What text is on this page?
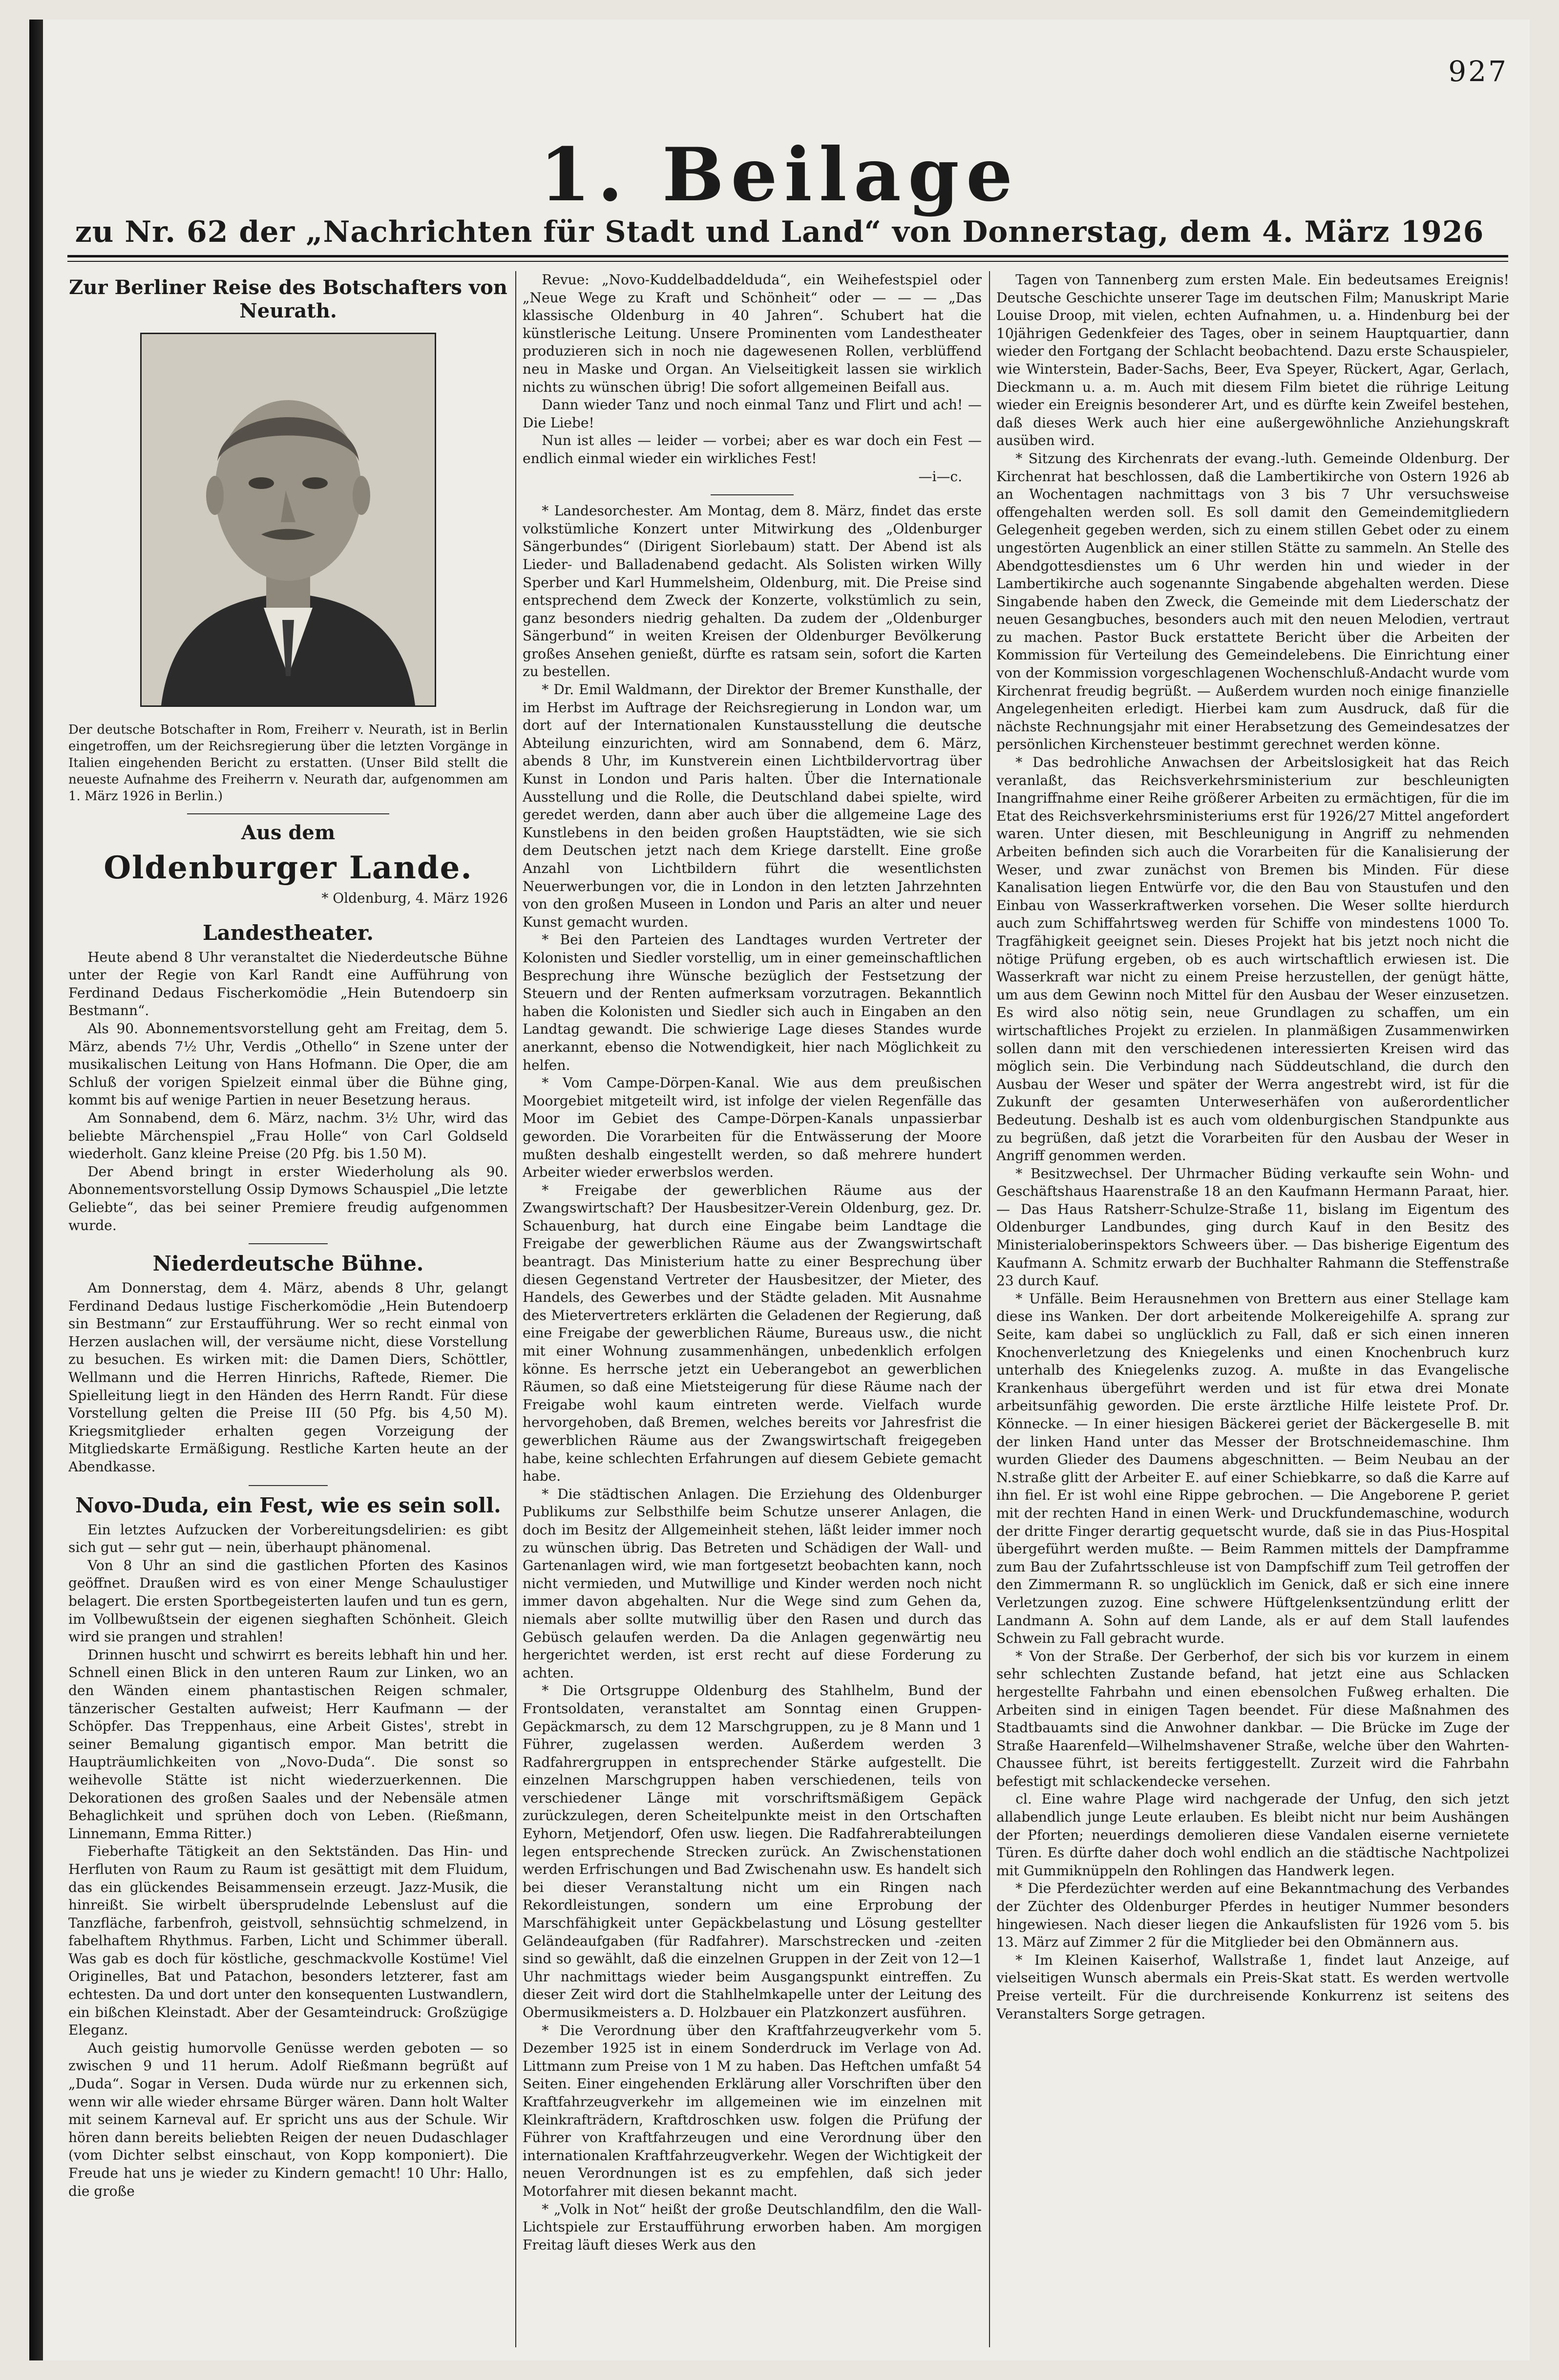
927
1. Beilage
zu Nr. 62 der „Nachrichten für Stadt und Land“ von Donnerstag, dem 4. März 1926
Zur Berliner Reise des Botschafters von Neurath.
Der deutsche Botschafter in Rom, Freiherr v. Neurath, ist in Berlin eingetroffen, um der Reichsregierung über die letzten Vorgänge in Italien eingehenden Bericht zu erstatten. (Unser Bild stellt die neueste Aufnahme des Freiherrn v. Neurath dar, aufgenommen am 1. März 1926 in Berlin.)
Aus dem
Oldenburger Lande.
* Oldenburg, 4. März 1926
Landestheater.

Heute abend 8 Uhr veranstaltet die Niederdeutsche Bühne unter der Regie von Karl Randt eine Aufführung von Ferdinand Dedaus Fischerkomödie „Hein Butendoerp sin Bestmann“.

Als 90. Abonnementsvorstellung geht am Freitag, dem 5. März, abends 7½ Uhr, Verdis „Othello“ in Szene unter der musikalischen Leitung von Hans Hofmann. Die Oper, die am Schluß der vorigen Spielzeit einmal über die Bühne ging, kommt bis auf wenige Partien in neuer Besetzung heraus.

Am Sonnabend, dem 6. März, nachm. 3½ Uhr, wird das beliebte Märchenspiel „Frau Holle“ von Carl Goldseld wiederholt. Ganz kleine Preise (20 Pfg. bis 1.50 M).

Der Abend bringt in erster Wiederholung als 90. Abonnementsvorstellung Ossip Dymows Schauspiel „Die letzte Geliebte“, das bei seiner Premiere freudig aufgenommen wurde.

Niederdeutsche Bühne.

Am Donnerstag, dem 4. März, abends 8 Uhr, gelangt Ferdinand Dedaus lustige Fischerkomödie „Hein Butendoerp sin Bestmann“ zur Erstaufführung. Wer so recht einmal von Herzen auslachen will, der versäume nicht, diese Vorstellung zu besuchen. Es wirken mit: die Damen Diers, Schöttler, Wellmann und die Herren Hinrichs, Raftede, Riemer. Die Spielleitung liegt in den Händen des Herrn Randt. Für diese Vorstellung gelten die Preise III (50 Pfg. bis 4,50 M). Kriegsmitglieder erhalten gegen Vorzeigung der Mitgliedskarte Ermäßigung. Restliche Karten heute an der Abendkasse.

Novo-Duda, ein Fest, wie es sein soll.

Ein letztes Aufzucken der Vorbereitungsdelirien: es gibt sich gut — sehr gut — nein, überhaupt phänomenal.

Von 8 Uhr an sind die gastlichen Pforten des Kasinos geöffnet. Draußen wird es von einer Menge Schaulustiger belagert. Die ersten Sportbegeisterten laufen und tun es gern, im Vollbewußtsein der eigenen sieghaften Schönheit. Gleich wird sie prangen und strahlen!

Drinnen huscht und schwirrt es bereits lebhaft hin und her. Schnell einen Blick in den unteren Raum zur Linken, wo an den Wänden einem phantastischen Reigen schmaler, tänzerischer Gestalten aufweist; Herr Kaufmann — der Schöpfer. Das Treppenhaus, eine Arbeit Gistes', strebt in seiner Bemalung gigantisch empor. Man betritt die Haupträumlichkeiten von „Novo-Duda“. Die sonst so weihevolle Stätte ist nicht wiederzuerkennen. Die Dekorationen des großen Saales und der Nebensäle atmen Behaglichkeit und sprühen doch von Leben. (Rießmann, Linnemann, Emma Ritter.)

Fieberhafte Tätigkeit an den Sektständen. Das Hin- und Herfluten von Raum zu Raum ist gesättigt mit dem Fluidum, das ein glückendes Beisammensein erzeugt. Jazz-Musik, die hinreißt. Sie wirbelt übersprudelnde Lebenslust auf die Tanzfläche, farbenfroh, geistvoll, sehnsüchtig schmelzend, in fabelhaftem Rhythmus. Farben, Licht und Schimmer überall. Was gab es doch für köstliche, geschmackvolle Kostüme! Viel Originelles, Bat und Patachon, besonders letzterer, fast am echtesten. Da und dort unter den konsequenten Lustwandlern, ein bißchen Kleinstadt. Aber der Gesamteindruck: Großzügige Eleganz.

Auch geistig humorvolle Genüsse werden geboten — so zwischen 9 und 11 herum. Adolf Rießmann begrüßt auf „Duda“. Sogar in Versen. Duda würde nur zu erkennen sich, wenn wir alle wieder ehrsame Bürger wären. Dann holt Walter mit seinem Karneval auf. Er spricht uns aus der Schule. Wir hören dann bereits beliebten Reigen der neuen Dudaschlager (vom Dichter selbst einschaut, von Kopp komponiert). Die Freude hat uns je wieder zu Kindern gemacht! 10 Uhr: Hallo, die große

Revue: „Novo-Kuddelbaddelduda“, ein Weihefestspiel oder „Neue Wege zu Kraft und Schönheit“ oder — — — „Das klassische Oldenburg in 40 Jahren“. Schubert hat die künstlerische Leitung. Unsere Prominenten vom Landestheater produzieren sich in noch nie dagewesenen Rollen, verblüffend neu in Maske und Organ. An Vielseitigkeit lassen sie wirklich nichts zu wünschen übrig! Die sofort allgemeinen Beifall aus.

Dann wieder Tanz und noch einmal Tanz und Flirt und ach! — Die Liebe!

Nun ist alles — leider — vorbei; aber es war doch ein Fest — endlich einmal wieder ein wirkliches Fest!

—i—c.

* Landesorchester. Am Montag, dem 8. März, findet das erste volkstümliche Konzert unter Mitwirkung des „Oldenburger Sängerbundes“ (Dirigent Siorlebaum) statt. Der Abend ist als Lieder- und Balladenabend gedacht. Als Solisten wirken Willy Sperber und Karl Hummelsheim, Oldenburg, mit. Die Preise sind entsprechend dem Zweck der Konzerte, volkstümlich zu sein, ganz besonders niedrig gehalten. Da zudem der „Oldenburger Sängerbund“ in weiten Kreisen der Oldenburger Bevölkerung großes Ansehen genießt, dürfte es ratsam sein, sofort die Karten zu bestellen.

* Dr. Emil Waldmann, der Direktor der Bremer Kunsthalle, der im Herbst im Auftrage der Reichsregierung in London war, um dort auf der Internationalen Kunstausstellung die deutsche Abteilung einzurichten, wird am Sonnabend, dem 6. März, abends 8 Uhr, im Kunstverein einen Lichtbildervortrag über Kunst in London und Paris halten. Über die Internationale Ausstellung und die Rolle, die Deutschland dabei spielte, wird geredet werden, dann aber auch über die allgemeine Lage des Kunstlebens in den beiden großen Hauptstädten, wie sie sich dem Deutschen jetzt nach dem Kriege darstellt. Eine große Anzahl von Lichtbildern führt die wesentlichsten Neuerwerbungen vor, die in London in den letzten Jahrzehnten von den großen Museen in London und Paris an alter und neuer Kunst gemacht wurden.

* Bei den Parteien des Landtages wurden Vertreter der Kolonisten und Siedler vorstellig, um in einer gemeinschaftlichen Besprechung ihre Wünsche bezüglich der Festsetzung der Steuern und der Renten aufmerksam vorzutragen. Bekanntlich haben die Kolonisten und Siedler sich auch in Eingaben an den Landtag gewandt. Die schwierige Lage dieses Standes wurde anerkannt, ebenso die Notwendigkeit, hier nach Möglichkeit zu helfen.

* Vom Campe-Dörpen-Kanal. Wie aus dem preußischen Moorgebiet mitgeteilt wird, ist infolge der vielen Regenfälle das Moor im Gebiet des Campe-Dörpen-Kanals unpassierbar geworden. Die Vorarbeiten für die Entwässerung der Moore mußten deshalb eingestellt werden, so daß mehrere hundert Arbeiter wieder erwerbslos werden.

* Freigabe der gewerblichen Räume aus der Zwangswirtschaft? Der Hausbesitzer-Verein Oldenburg, gez. Dr. Schauenburg, hat durch eine Eingabe beim Landtage die Freigabe der gewerblichen Räume aus der Zwangswirtschaft beantragt. Das Ministerium hatte zu einer Besprechung über diesen Gegenstand Vertreter der Hausbesitzer, der Mieter, des Handels, des Gewerbes und der Städte geladen. Mit Ausnahme des Mietervertreters erklärten die Geladenen der Regierung, daß eine Freigabe der gewerblichen Räume, Bureaus usw., die nicht mit einer Wohnung zusammenhängen, unbedenklich erfolgen könne. Es herrsche jetzt ein Ueberangebot an gewerblichen Räumen, so daß eine Mietsteigerung für diese Räume nach der Freigabe wohl kaum eintreten werde. Vielfach wurde hervorgehoben, daß Bremen, welches bereits vor Jahresfrist die gewerblichen Räume aus der Zwangswirtschaft freigegeben habe, keine schlechten Erfahrungen auf diesem Gebiete gemacht habe.

* Die städtischen Anlagen. Die Erziehung des Oldenburger Publikums zur Selbsthilfe beim Schutze unserer Anlagen, die doch im Besitz der Allgemeinheit stehen, läßt leider immer noch zu wünschen übrig. Das Betreten und Schädigen der Wall- und Gartenanlagen wird, wie man fortgesetzt beobachten kann, noch nicht vermieden, und Mutwillige und Kinder werden noch nicht immer davon abgehalten. Nur die Wege sind zum Gehen da, niemals aber sollte mutwillig über den Rasen und durch das Gebüsch gelaufen werden. Da die Anlagen gegenwärtig neu hergerichtet werden, ist erst recht auf diese Forderung zu achten.

* Die Ortsgruppe Oldenburg des Stahlhelm, Bund der Frontsoldaten, veranstaltet am Sonntag einen Gruppen-Gepäckmarsch, zu dem 12 Marschgruppen, zu je 8 Mann und 1 Führer, zugelassen werden. Außerdem werden 3 Radfahrergruppen in entsprechender Stärke aufgestellt. Die einzelnen Marschgruppen haben verschiedenen, teils von verschiedener Länge mit vorschriftsmäßigem Gepäck zurückzulegen, deren Scheitelpunkte meist in den Ortschaften Eyhorn, Metjendorf, Ofen usw. liegen. Die Radfahrerabteilungen legen entsprechende Strecken zurück. An Zwischenstationen werden Erfrischungen und Bad Zwischenahn usw. Es handelt sich bei dieser Veranstaltung nicht um ein Ringen nach Rekordleistungen, sondern um eine Erprobung der Marschfähigkeit unter Gepäckbelastung und Lösung gestellter Geländeaufgaben (für Radfahrer). Marschstrecken und -zeiten sind so gewählt, daß die einzelnen Gruppen in der Zeit von 12—1 Uhr nachmittags wieder beim Ausgangspunkt eintreffen. Zu dieser Zeit wird dort die Stahlhelmkapelle unter der Leitung des Obermusikmeisters a. D. Holzbauer ein Platzkonzert ausführen.

* Die Verordnung über den Kraftfahrzeugverkehr vom 5. Dezember 1925 ist in einem Sonderdruck im Verlage von Ad. Littmann zum Preise von 1 M zu haben. Das Heftchen umfaßt 54 Seiten. Einer eingehenden Erklärung aller Vorschriften über den Kraftfahrzeugverkehr im allgemeinen wie im einzelnen mit Kleinkrafträdern, Kraftdroschken usw. folgen die Prüfung der Führer von Kraftfahrzeugen und eine Verordnung über den internationalen Kraftfahrzeugverkehr. Wegen der Wichtigkeit der neuen Verordnungen ist es zu empfehlen, daß sich jeder Motorfahrer mit diesen bekannt macht.

* „Volk in Not“ heißt der große Deutschlandfilm, den die Wall-Lichtspiele zur Erstaufführung erworben haben. Am morgigen Freitag läuft dieses Werk aus den

Tagen von Tannenberg zum ersten Male. Ein bedeutsames Ereignis! Deutsche Geschichte unserer Tage im deutschen Film; Manuskript Marie Louise Droop, mit vielen, echten Aufnahmen, u. a. Hindenburg bei der 10jährigen Gedenkfeier des Tages, ober in seinem Hauptquartier, dann wieder den Fortgang der Schlacht beobachtend. Dazu erste Schauspieler, wie Winterstein, Bader-Sachs, Beer, Eva Speyer, Rückert, Agar, Gerlach, Dieckmann u. a. m. Auch mit diesem Film bietet die rührige Leitung wieder ein Ereignis besonderer Art, und es dürfte kein Zweifel bestehen, daß dieses Werk auch hier eine außergewöhnliche Anziehungskraft ausüben wird.

* Sitzung des Kirchenrats der evang.-luth. Gemeinde Oldenburg. Der Kirchenrat hat beschlossen, daß die Lambertikirche von Ostern 1926 ab an Wochentagen nachmittags von 3 bis 7 Uhr versuchsweise offengehalten werden soll. Es soll damit den Gemeindemitgliedern Gelegenheit gegeben werden, sich zu einem stillen Gebet oder zu einem ungestörten Augenblick an einer stillen Stätte zu sammeln. An Stelle des Abendgottesdienstes um 6 Uhr werden hin und wieder in der Lambertikirche auch sogenannte Singabende abgehalten werden. Diese Singabende haben den Zweck, die Gemeinde mit dem Liederschatz der neuen Gesangbuches, besonders auch mit den neuen Melodien, vertraut zu machen. Pastor Buck erstattete Bericht über die Arbeiten der Kommission für Verteilung des Gemeindelebens. Die Einrichtung einer von der Kommission vorgeschlagenen Wochenschluß-Andacht wurde vom Kirchenrat freudig begrüßt. — Außerdem wurden noch einige finanzielle Angelegenheiten erledigt. Hierbei kam zum Ausdruck, daß für die nächste Rechnungsjahr mit einer Herabsetzung des Gemeindesatzes der persönlichen Kirchensteuer bestimmt gerechnet werden könne.

* Das bedrohliche Anwachsen der Arbeitslosigkeit hat das Reich veranlaßt, das Reichsverkehrsministerium zur beschleunigten Inangriffnahme einer Reihe größerer Arbeiten zu ermächtigen, für die im Etat des Reichsverkehrsministeriums erst für 1926/27 Mittel angefordert waren. Unter diesen, mit Beschleunigung in Angriff zu nehmenden Arbeiten befinden sich auch die Vorarbeiten für die Kanalisierung der Weser, und zwar zunächst von Bremen bis Minden. Für diese Kanalisation liegen Entwürfe vor, die den Bau von Staustufen und den Einbau von Wasserkraftwerken vorsehen. Die Weser sollte hierdurch auch zum Schiffahrtsweg werden für Schiffe von mindestens 1000 To. Tragfähigkeit geeignet sein. Dieses Projekt hat bis jetzt noch nicht die nötige Prüfung ergeben, ob es auch wirtschaftlich erwiesen ist. Die Wasserkraft war nicht zu einem Preise herzustellen, der genügt hätte, um aus dem Gewinn noch Mittel für den Ausbau der Weser einzusetzen. Es wird also nötig sein, neue Grundlagen zu schaffen, um ein wirtschaftliches Projekt zu erzielen. In planmäßigen Zusammenwirken sollen dann mit den verschiedenen interessierten Kreisen wird das möglich sein. Die Verbindung nach Süddeutschland, die durch den Ausbau der Weser und später der Werra angestrebt wird, ist für die Zukunft der gesamten Unterweserhäfen von außerordentlicher Bedeutung. Deshalb ist es auch vom oldenburgischen Standpunkte aus zu begrüßen, daß jetzt die Vorarbeiten für den Ausbau der Weser in Angriff genommen werden.

* Besitzwechsel. Der Uhrmacher Büding verkaufte sein Wohn- und Geschäftshaus Haarenstraße 18 an den Kaufmann Hermann Paraat, hier. — Das Haus Ratsherr-Schulze-Straße 11, bislang im Eigentum des Oldenburger Landbundes, ging durch Kauf in den Besitz des Ministerialoberinspektors Schweers über. — Das bisherige Eigentum des Kaufmann A. Schmitz erwarb der Buchhalter Rahmann die Steffenstraße 23 durch Kauf.

* Unfälle. Beim Herausnehmen von Brettern aus einer Stellage kam diese ins Wanken. Der dort arbeitende Molkereigehilfe A. sprang zur Seite, kam dabei so unglücklich zu Fall, daß er sich einen inneren Knochenverletzung des Kniegelenks und einen Knochenbruch kurz unterhalb des Kniegelenks zuzog. A. mußte in das Evangelische Krankenhaus übergeführt werden und ist für etwa drei Monate arbeitsunfähig geworden. Die erste ärztliche Hilfe leistete Prof. Dr. Könnecke. — In einer hiesigen Bäckerei geriet der Bäckergeselle B. mit der linken Hand unter das Messer der Brotschneidemaschine. Ihm wurden Glieder des Daumens abgeschnitten. — Beim Neubau an der N.straße glitt der Arbeiter E. auf einer Schiebkarre, so daß die Karre auf ihn fiel. Er ist wohl eine Rippe gebrochen. — Die Angeborene P. geriet mit der rechten Hand in einen Werk- und Druckfundemaschine, wodurch der dritte Finger derartig gequetscht wurde, daß sie in das Pius-Hospital übergeführt werden mußte. — Beim Rammen mittels der Dampframme zum Bau der Zufahrtsschleuse ist von Dampfschiff zum Teil getroffen der den Zimmermann R. so unglücklich im Genick, daß er sich eine innere Verletzungen zuzog. Eine schwere Hüftgelenksentzündung erlitt der Landmann A. Sohn auf dem Lande, als er auf dem Stall laufendes Schwein zu Fall gebracht wurde.

* Von der Straße. Der Gerberhof, der sich bis vor kurzem in einem sehr schlechten Zustande befand, hat jetzt eine aus Schlacken hergestellte Fahrbahn und einen ebensolchen Fußweg erhalten. Die Arbeiten sind in einigen Tagen beendet. Für diese Maßnahmen des Stadtbauamts sind die Anwohner dankbar. — Die Brücke im Zuge der Straße Haarenfeld—Wilhelmshavener Straße, welche über den Wahrten-Chaussee führt, ist bereits fertiggestellt. Zurzeit wird die Fahrbahn befestigt mit schlackendecke versehen.

cl. Eine wahre Plage wird nachgerade der Unfug, den sich jetzt allabendlich junge Leute erlauben. Es bleibt nicht nur beim Aushängen der Pforten; neuerdings demolieren diese Vandalen eiserne vernietete Türen. Es dürfte daher doch wohl endlich an die städtische Nachtpolizei mit Gummiknüppeln den Rohlingen das Handwerk legen.

* Die Pferdezüchter werden auf eine Bekanntmachung des Verbandes der Züchter des Oldenburger Pferdes in heutiger Nummer besonders hingewiesen. Nach dieser liegen die Ankaufslisten für 1926 vom 5. bis 13. März auf Zimmer 2 für die Mitglieder bei den Obmännern aus.

* Im Kleinen Kaiserhof, Wallstraße 1, findet laut Anzeige, auf vielseitigen Wunsch abermals ein Preis-Skat statt. Es werden wertvolle Preise verteilt. Für die durchreisende Konkurrenz ist seitens des Veranstalters Sorge getragen.
